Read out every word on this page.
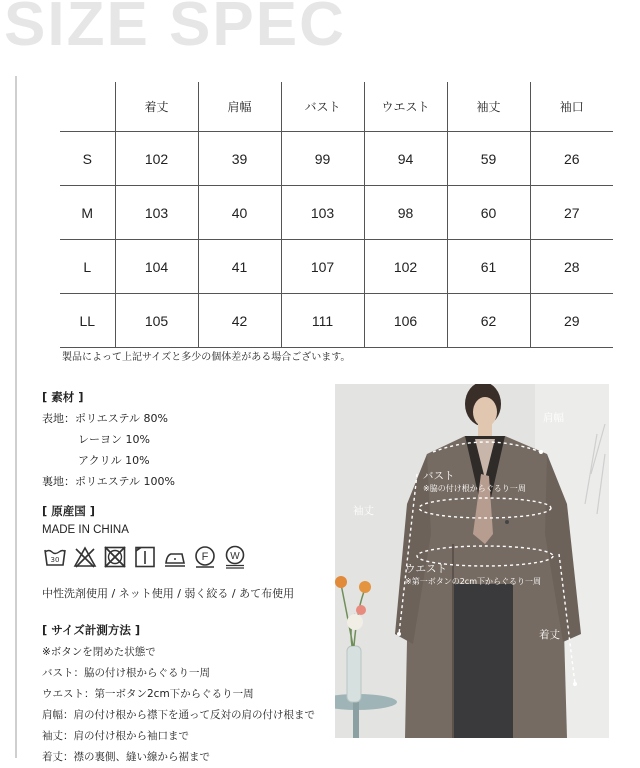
SIZE SPEC
	着丈	肩幅	バスト	ウエスト	袖丈	袖口
S	102	39	99	94	59	26
M	103	40	103	98	60	27
L	104	41	107	102	61	28
LL	105	42	111	106	62	29
製品によって上記サイズと多少の個体差がある場合ございます。
[ 素材 ]
表地：ポリエステル 80%
レーヨン 10%
アクリル 10%
裏地：ポリエステル 100%
[ 原産国 ]
MADE IN CHINA
30	F W
中性洗剤使用 / ネット使用 / 弱く絞る / あて布使用
[ サイズ計測方法 ]
※ボタンを閉めた状態で
バスト：脇の付け根からぐるり一周
ウエスト：第一ボタン2cm下からぐるり一周
肩幅：肩の付け根から襟下を通って反対の肩の付け根まで
袖丈：肩の付け根から袖口まで
着丈：襟の裏側、縫い線から裾まで
肩幅
バスト
※脇の付け根からぐるり一周
袖丈
ウエスト
※第一ボタンの2cm下からぐるり一周
着丈
